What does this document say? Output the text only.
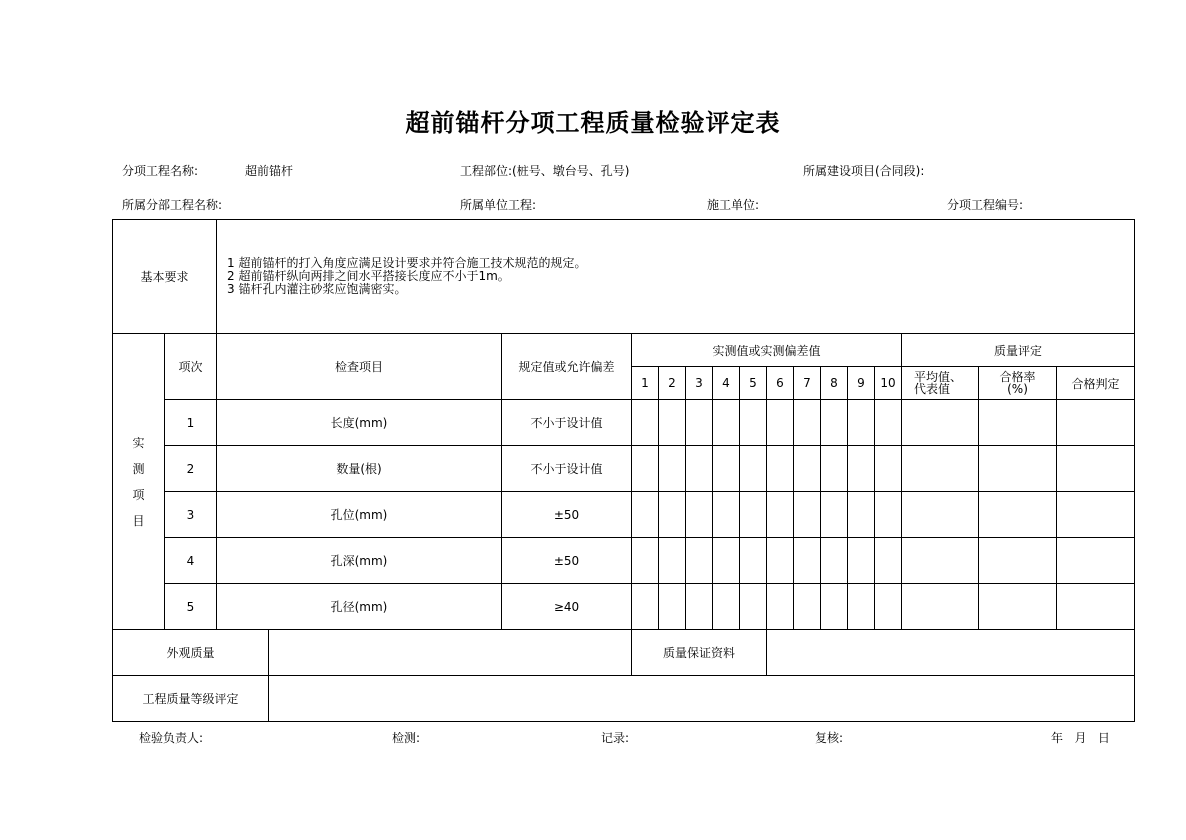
超前锚杆分项工程质量检验评定表
分项工程名称:	超前锚杆	工程部位:(桩号、墩台号、孔号)	所属建设项目(合同段):
所属分部工程名称:	所属单位工程:	施工单位:	分项工程编号:
基本要求		1 超前锚杆的打入角度应满足设计要求并符合施工技术规范的规定。
2 超前锚杆纵向两排之间水平搭接长度应不小于1m。
3 锚杆孔内灌注砂浆应饱满密实。															

实
测
项
目	项次	检查项目		规定值或允许偏差	实测值或实测偏差值										质量评定		
					1	2	3	4	5	6	7	8	9	10	平均值、
代表值	合格率
(%)	合格判定
	1	长度(mm)		不小于设计值													
	2	数量(根)		不小于设计值													
	3	孔位(mm)		±50													
	4	孔深(mm)		±50													
	5	孔径(mm)		≥40													
外观质量					质量保证资料												
工程质量等级评定																	
检验负责人:	检测:	记录:	复核:	年   月   日
